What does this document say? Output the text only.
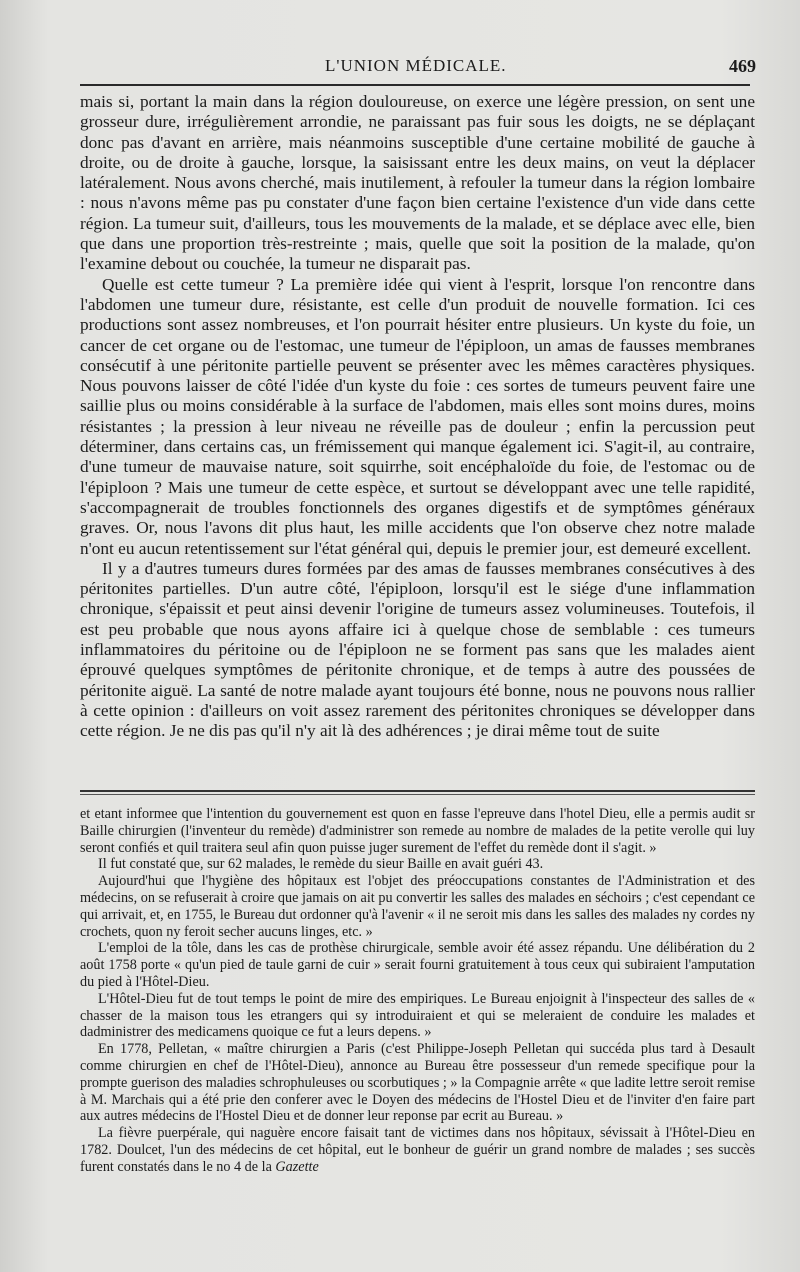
L'UNION MÉDICALE.	469

mais si, portant la main dans la région douloureuse, on exerce une légère pression, on sent une grosseur dure, irrégulièrement arrondie, ne paraissant pas fuir sous les doigts, ne se déplaçant donc pas d'avant en arrière, mais néanmoins susceptible d'une certaine mobilité de gauche à droite, ou de droite à gauche, lorsque, la saisissant entre les deux mains, on veut la déplacer latéralement. Nous avons cherché, mais inutilement, à refouler la tumeur dans la région lombaire : nous n'avons même pas pu constater d'une façon bien certaine l'existence d'un vide dans cette région. La tumeur suit, d'ailleurs, tous les mouvements de la malade, et se déplace avec elle, bien que dans une proportion très-restreinte ; mais, quelle que soit la position de la malade, qu'on l'examine debout ou couchée, la tumeur ne disparait pas.

Quelle est cette tumeur ? La première idée qui vient à l'esprit, lorsque l'on rencontre dans l'abdomen une tumeur dure, résistante, est celle d'un produit de nouvelle formation. Ici ces productions sont assez nombreuses, et l'on pourrait hésiter entre plusieurs. Un kyste du foie, un cancer de cet organe ou de l'estomac, une tumeur de l'épiploon, un amas de fausses membranes consécutif à une péritonite partielle peuvent se présenter avec les mêmes caractères physiques. Nous pouvons laisser de côté l'idée d'un kyste du foie : ces sortes de tumeurs peuvent faire une saillie plus ou moins considérable à la surface de l'abdomen, mais elles sont moins dures, moins résistantes ; la pression à leur niveau ne réveille pas de douleur ; enfin la percussion peut déterminer, dans certains cas, un frémissement qui manque également ici. S'agit-il, au contraire, d'une tumeur de mauvaise nature, soit squirrhe, soit encéphaloïde du foie, de l'estomac ou de l'épiploon ? Mais une tumeur de cette espèce, et surtout se développant avec une telle rapidité, s'accompagnerait de troubles fonctionnels des organes digestifs et de symptômes généraux graves. Or, nous l'avons dit plus haut, les mille accidents que l'on observe chez notre malade n'ont eu aucun retentissement sur l'état général qui, depuis le premier jour, est demeuré excellent.

Il y a d'autres tumeurs dures formées par des amas de fausses membranes consécutives à des péritonites partielles. D'un autre côté, l'épiploon, lorsqu'il est le siége d'une inflammation chronique, s'épaissit et peut ainsi devenir l'origine de tumeurs assez volumineuses. Toutefois, il est peu probable que nous ayons affaire ici à quelque chose de semblable : ces tumeurs inflammatoires du péritoine ou de l'épiploon ne se forment pas sans que les malades aient éprouvé quelques symptômes de péritonite chronique, et de temps à autre des poussées de péritonite aiguë. La santé de notre malade ayant toujours été bonne, nous ne pouvons nous rallier à cette opinion : d'ailleurs on voit assez rarement des péritonites chroniques se développer dans cette région. Je ne dis pas qu'il n'y ait là des adhérences ; je dirai même tout de suite

et etant informee que l'intention du gouvernement est quon en fasse l'epreuve dans l'hotel Dieu, elle a permis audit sr Baille chirurgien (l'inventeur du remède) d'administrer son remede au nombre de malades de la petite verolle qui luy seront confiés et quil traitera seul afin quon puisse juger surement de l'effet du remède dont il s'agit. »

Il fut constaté que, sur 62 malades, le remède du sieur Baille en avait guéri 43.

Aujourd'hui que l'hygiène des hôpitaux est l'objet des préoccupations constantes de l'Administration et des médecins, on se refuserait à croire que jamais on ait pu convertir les salles des malades en séchoirs ; c'est cependant ce qui arrivait, et, en 1755, le Bureau dut ordonner qu'à l'avenir « il ne seroit mis dans les salles des malades ny cordes ny crochets, quon ny feroit secher aucuns linges, etc. »

L'emploi de la tôle, dans les cas de prothèse chirurgicale, semble avoir été assez répandu. Une délibération du 2 août 1758 porte « qu'un pied de taule garni de cuir » serait fourni gratuitement à tous ceux qui subiraient l'amputation du pied à l'Hôtel-Dieu.

L'Hôtel-Dieu fut de tout temps le point de mire des empiriques. Le Bureau enjoignit à l'inspecteur des salles de « chasser de la maison tous les etrangers qui sy introduiraient et qui se meleraient de conduire les malades et dadministrer des medicamens quoique ce fut a leurs depens. »

En 1778, Pelletan, « maître chirurgien a Paris (c'est Philippe-Joseph Pelletan qui succéda plus tard à Desault comme chirurgien en chef de l'Hôtel-Dieu), annonce au Bureau être possesseur d'un remede specifique pour la prompte guerison des maladies schrophuleuses ou scorbutiques ; » la Compagnie arrête « que ladite lettre seroit remise à M. Marchais qui a été prie den conferer avec le Doyen des médecins de l'Hostel Dieu et de l'inviter d'en faire part aux autres médecins de l'Hostel Dieu et de donner leur reponse par ecrit au Bureau. »

La fièvre puerpérale, qui naguère encore faisait tant de victimes dans nos hôpitaux, sévissait à l'Hôtel-Dieu en 1782. Doulcet, l'un des médecins de cet hôpital, eut le bonheur de guérir un grand nombre de malades ; ses succès furent constatés dans le no 4 de la Gazette
